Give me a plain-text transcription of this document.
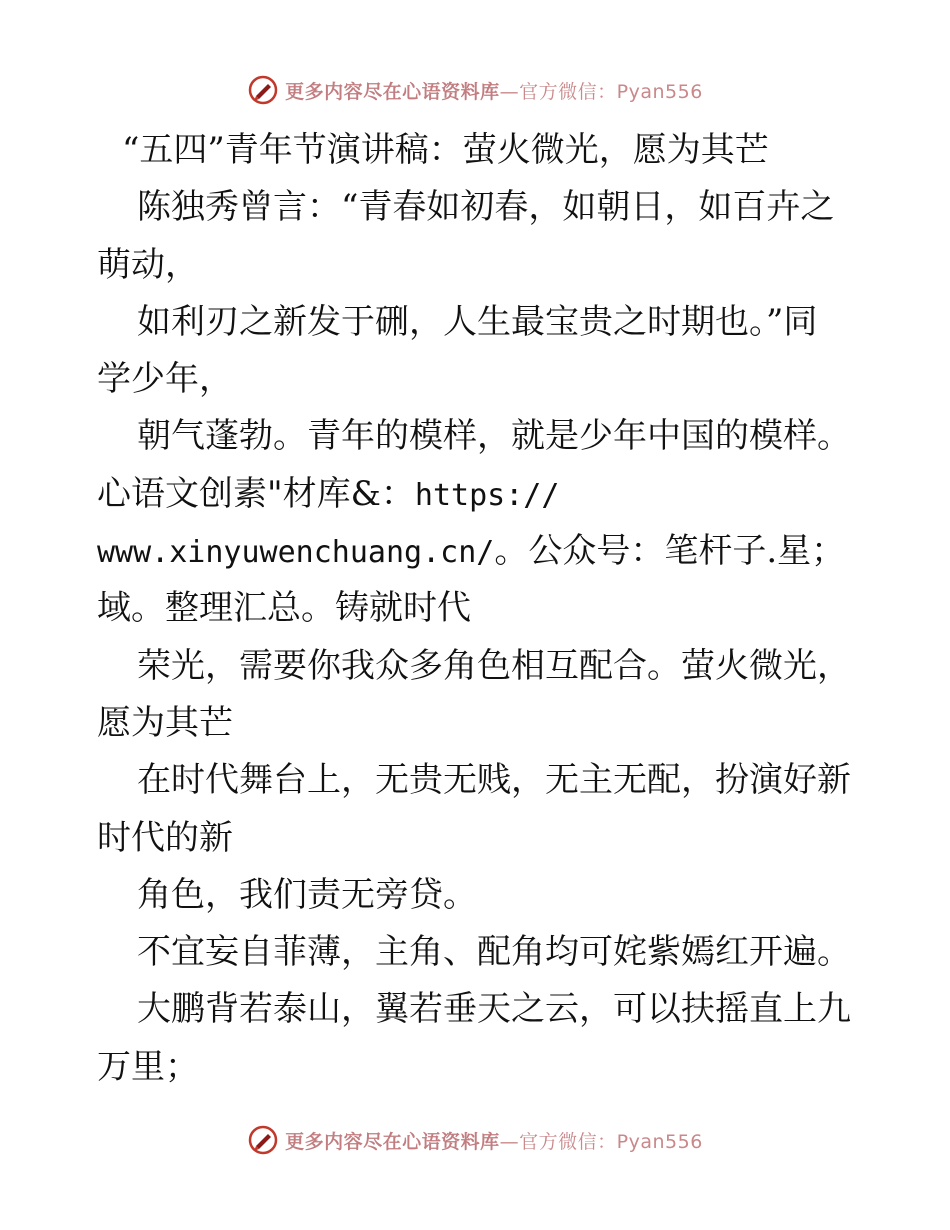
更多内容尽在心语资料库—官方微信：Pyan556
“五四”青年节演讲稿：萤火微光，愿为其芒
陈独秀曾言：“青春如初春，如朝日，如百卉之
萌动，
如利刃之新发于硎，人生最宝贵之时期也。”同
学少年，
朝气蓬勃。青年的模样，就是少年中国的模样。
心语文创素"材库&：https://
www.xinyuwenchuang.cn/。公众号：笔杆子.星；
域。整理汇总。铸就时代
荣光，需要你我众多角色相互配合。萤火微光，
愿为其芒
在时代舞台上，无贵无贱，无主无配，扮演好新
时代的新
角色，我们责无旁贷。
不宜妄自菲薄，主角、配角均可姹紫嫣红开遍。
大鹏背若泰山，翼若垂天之云，可以扶摇直上九
万里；
更多内容尽在心语资料库—官方微信：Pyan556
